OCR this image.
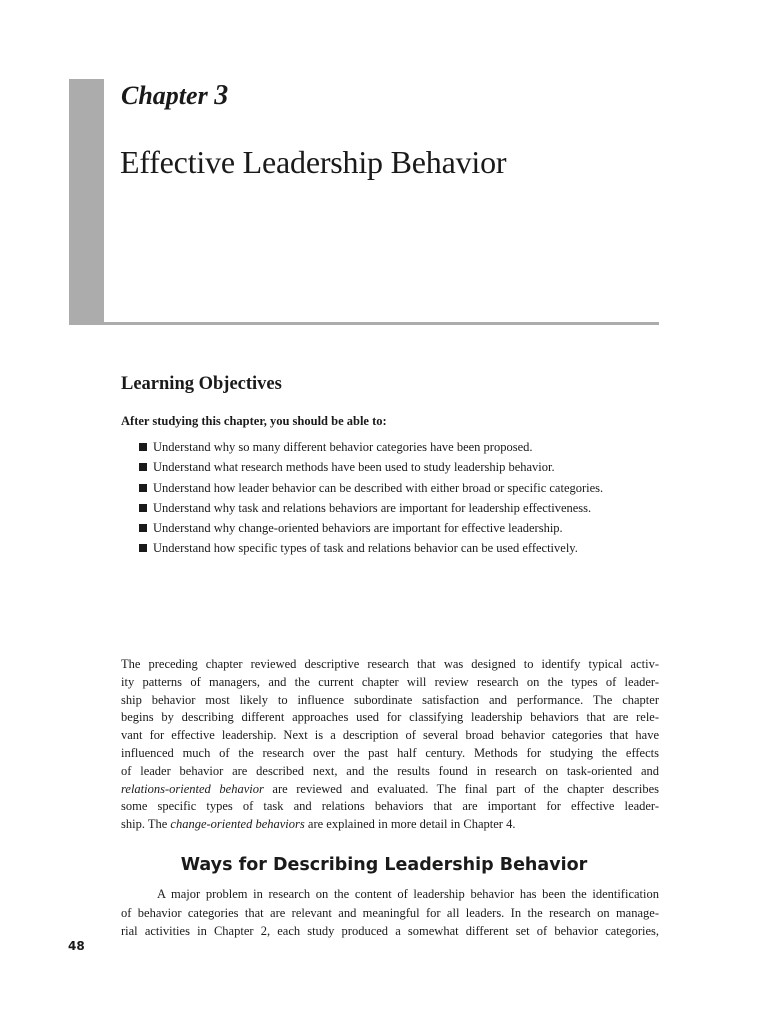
Chapter 3
Effective Leadership Behavior
Learning Objectives
After studying this chapter, you should be able to:
Understand why so many different behavior categories have been proposed.
Understand what research methods have been used to study leadership behavior.
Understand how leader behavior can be described with either broad or specific categories.
Understand why task and relations behaviors are important for leadership effectiveness.
Understand why change-oriented behaviors are important for effective leadership.
Understand how specific types of task and relations behavior can be used effectively.

The preceding chapter reviewed descriptive research that was designed to identify typical activ-
ity patterns of managers, and the current chapter will review research on the types of leader-
ship behavior most likely to influence subordinate satisfaction and performance. The chapter
begins by describing different approaches used for classifying leadership behaviors that are rele-
vant for effective leadership. Next is a description of several broad behavior categories that have
influenced much of the research over the past half century. Methods for studying the effects
of leader behavior are described next, and the results found in research on task-oriented and
relations-oriented behavior are reviewed and evaluated. The final part of the chapter describes
some specific types of task and relations behaviors that are important for effective leader-
ship. The change-oriented behaviors are explained in more detail in Chapter 4.

Ways for Describing Leadership Behavior

A major problem in research on the content of leadership behavior has been the identification
of behavior categories that are relevant and meaningful for all leaders. In the research on manage-
rial activities in Chapter 2, each study produced a somewhat different set of behavior categories,

48
